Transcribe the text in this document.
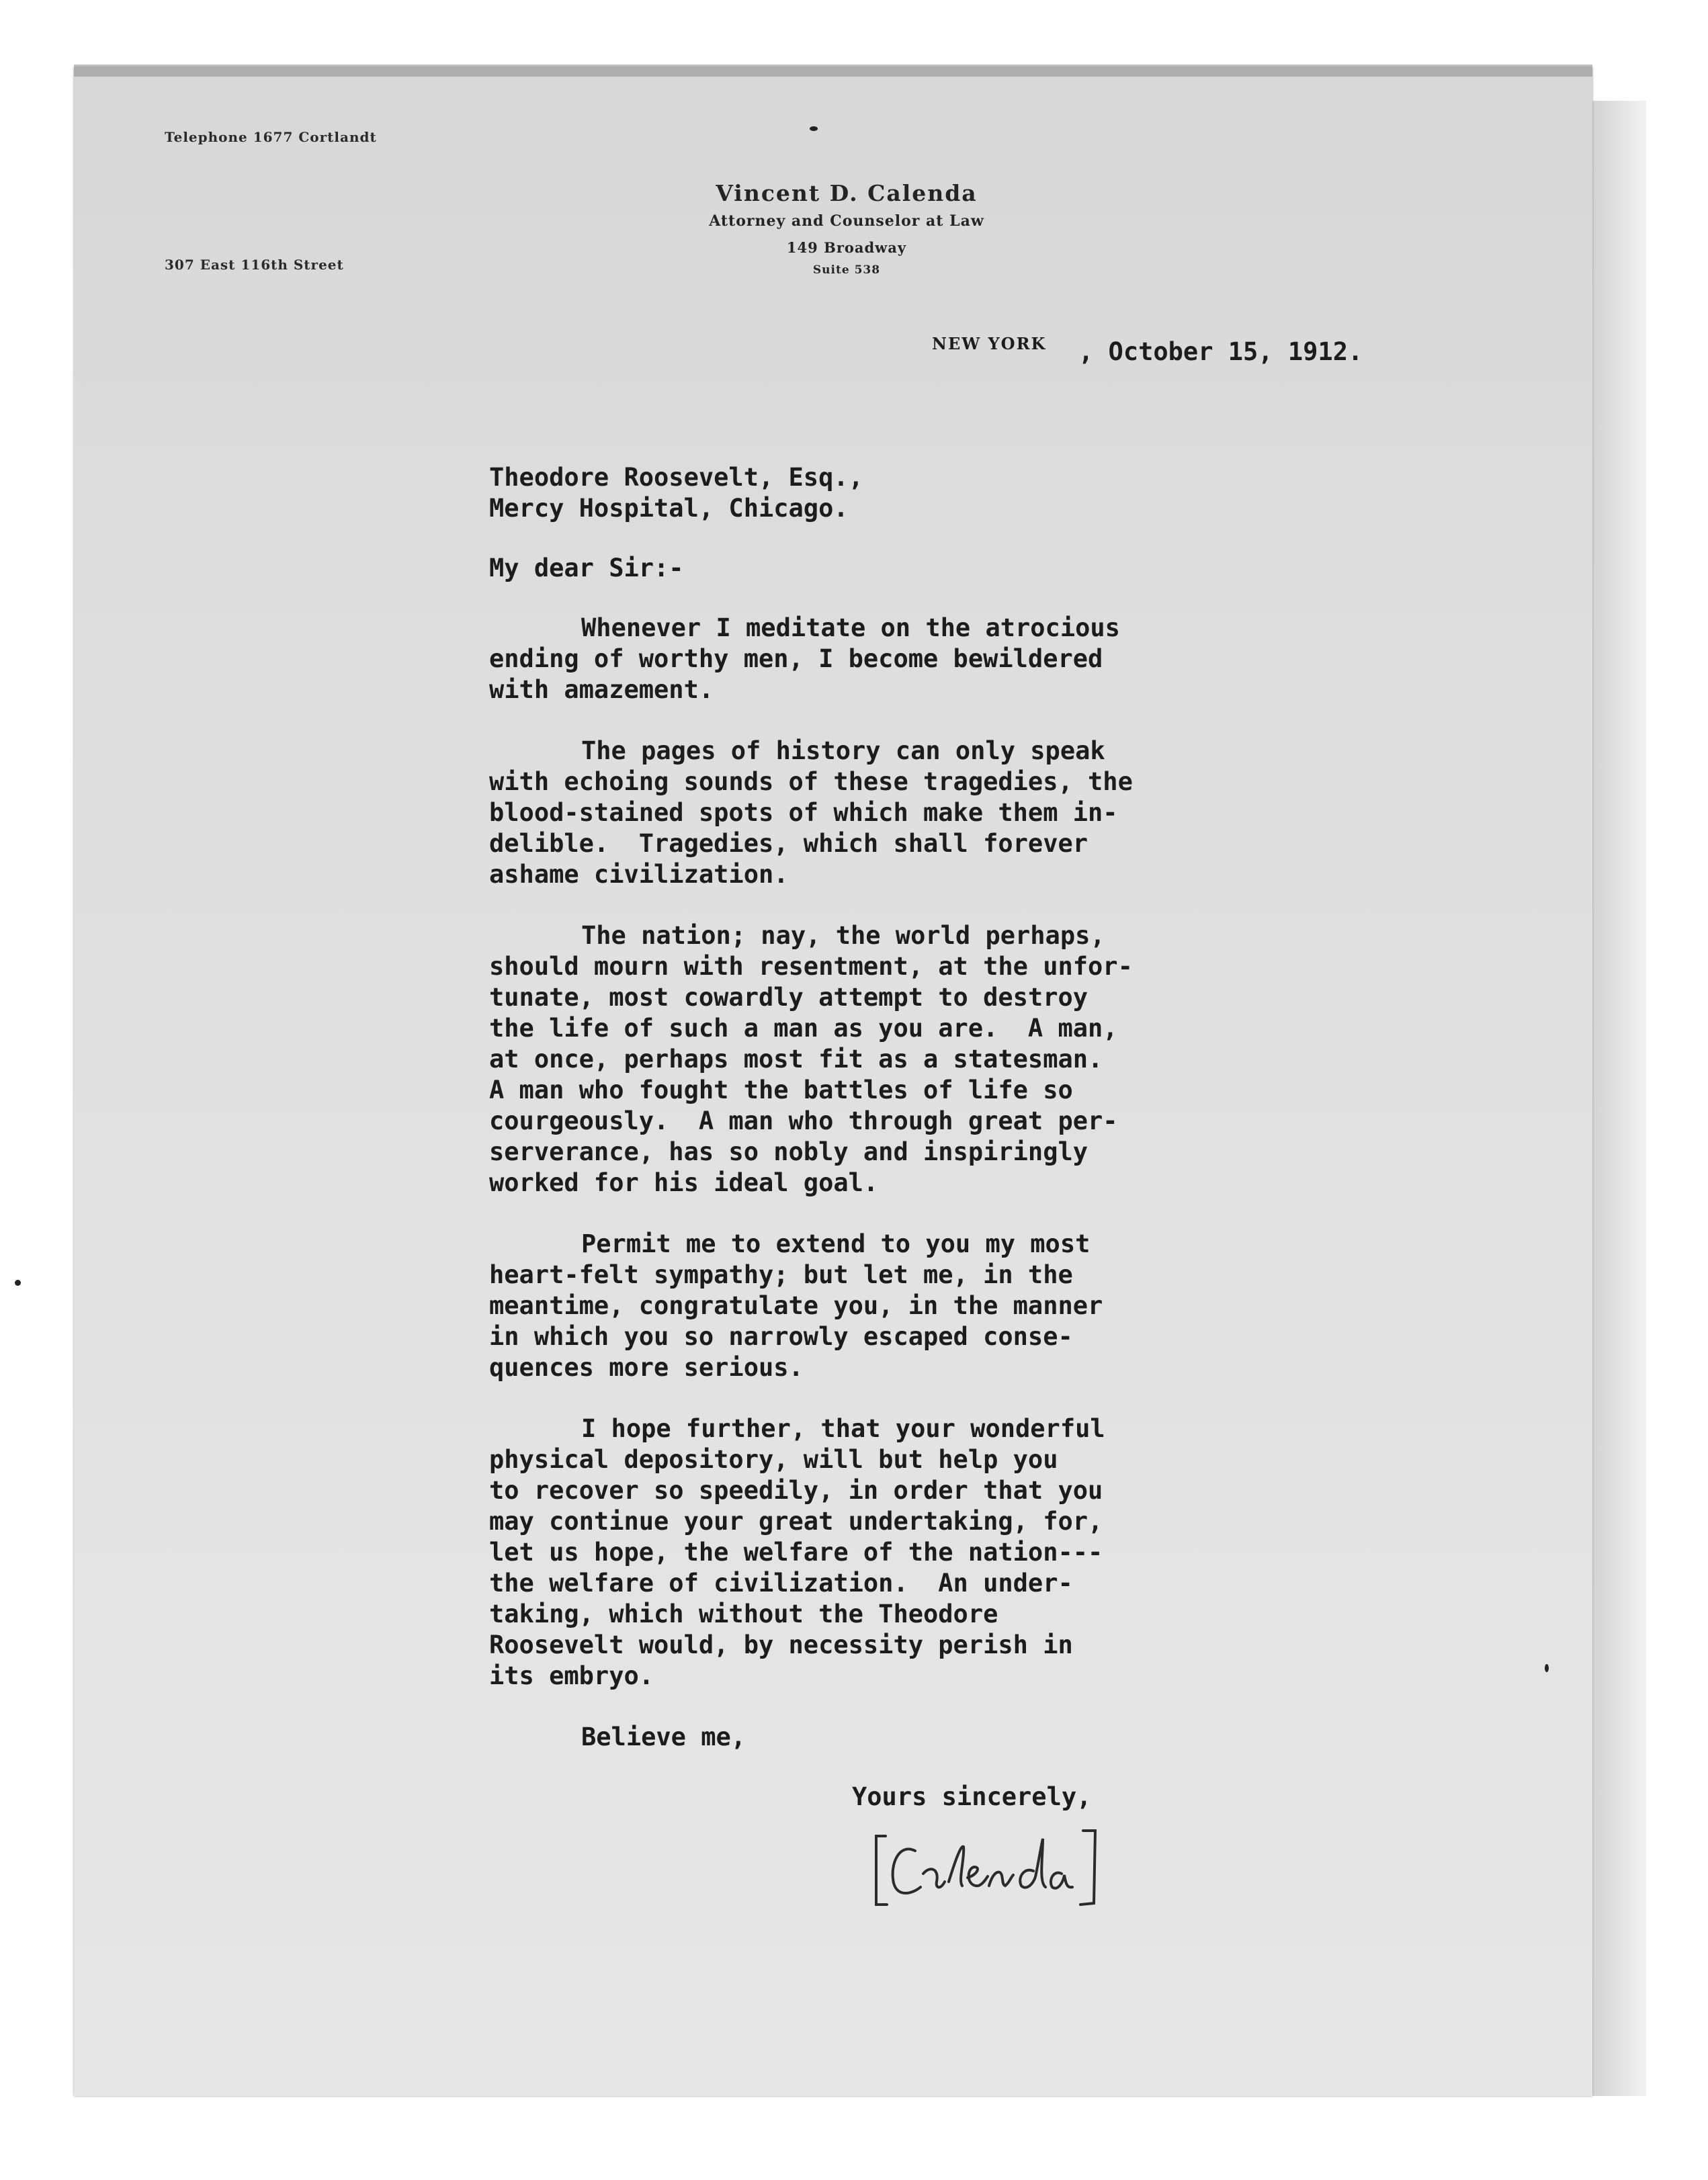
Telephone 1677 Cortlandt
307 East 116th Street
Vincent D. Calenda
Attorney and Counselor at Law
149 Broadway
Suite 538
NEW YORK , October 15, 1912.
Theodore Roosevelt, Esq.,
Mercy Hospital, Chicago.
My dear Sir:-
Whenever I meditate on the atrocious
ending of worthy men, I become bewildered
with amazement.
The pages of history can only speak
with echoing sounds of these tragedies, the
blood-stained spots of which make them in-
delible.  Tragedies, which shall forever
ashame civilization.
The nation; nay, the world perhaps,
should mourn with resentment, at the unfor-
tunate, most cowardly attempt to destroy
the life of such a man as you are.  A man,
at once, perhaps most fit as a statesman.
A man who fought the battles of life so
courgeously.  A man who through great per-
serverance, has so nobly and inspiringly
worked for his ideal goal.
Permit me to extend to you my most
heart-felt sympathy; but let me, in the
meantime, congratulate you, in the manner
in which you so narrowly escaped conse-
quences more serious.
I hope further, that your wonderful
physical depository, will but help you
to recover so speedily, in order that you
may continue your great undertaking, for,
let us hope, the welfare of the nation---
the welfare of civilization.  An under-
taking, which without the Theodore
Roosevelt would, by necessity perish in
its embryo.
Believe me,
Yours sincerely,
